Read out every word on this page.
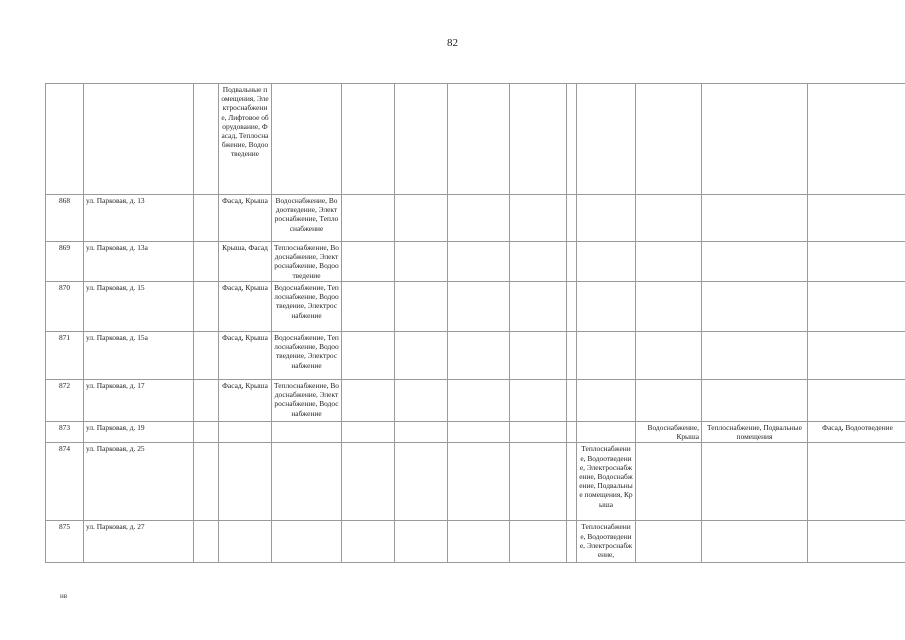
82
			Подвальные помещения, Электроснабжение, Лифтовое оборудование, Фасад, Теплоснабжение, Водоотведение										
868	ул. Парковая, д. 13		Фасад, Крыша	Водоснабжение, Водоотведение, Электроснабжение, Теплоснабжение									
869	ул. Парковая, д. 13а		Крыша, Фасад	Теплоснабжение, Водоснабжение, Электроснабжение, Водоотведение									
870	ул. Парковая, д. 15		Фасад, Крыша	Водоснабжение, Теплоснабжение, Водоотведение, Электроснабжение									
871	ул. Парковая, д. 15а		Фасад, Крыша	Водоснабжение, Теплоснабжение, Водоотведение, Электроснабжение									
872	ул. Парковая, д. 17		Фасад, Крыша	Теплоснабжение, Водоснабжение, Электроснабжение, Водоснабжение									
873	ул. Парковая, д. 19										Водоснабжение, Крыша	Теплоснабжение, Подвальные помещения	Фасад, Водоотведение
874	ул. Парковая, д. 25									Теплоснабжение, Водоотведение, Электроснабжение, Водоснабжение, Подвальные помещения, Крыша			
875	ул. Парковая, д. 27									Теплоснабжение, Водоотведение, Электроснабжение,			
нв
